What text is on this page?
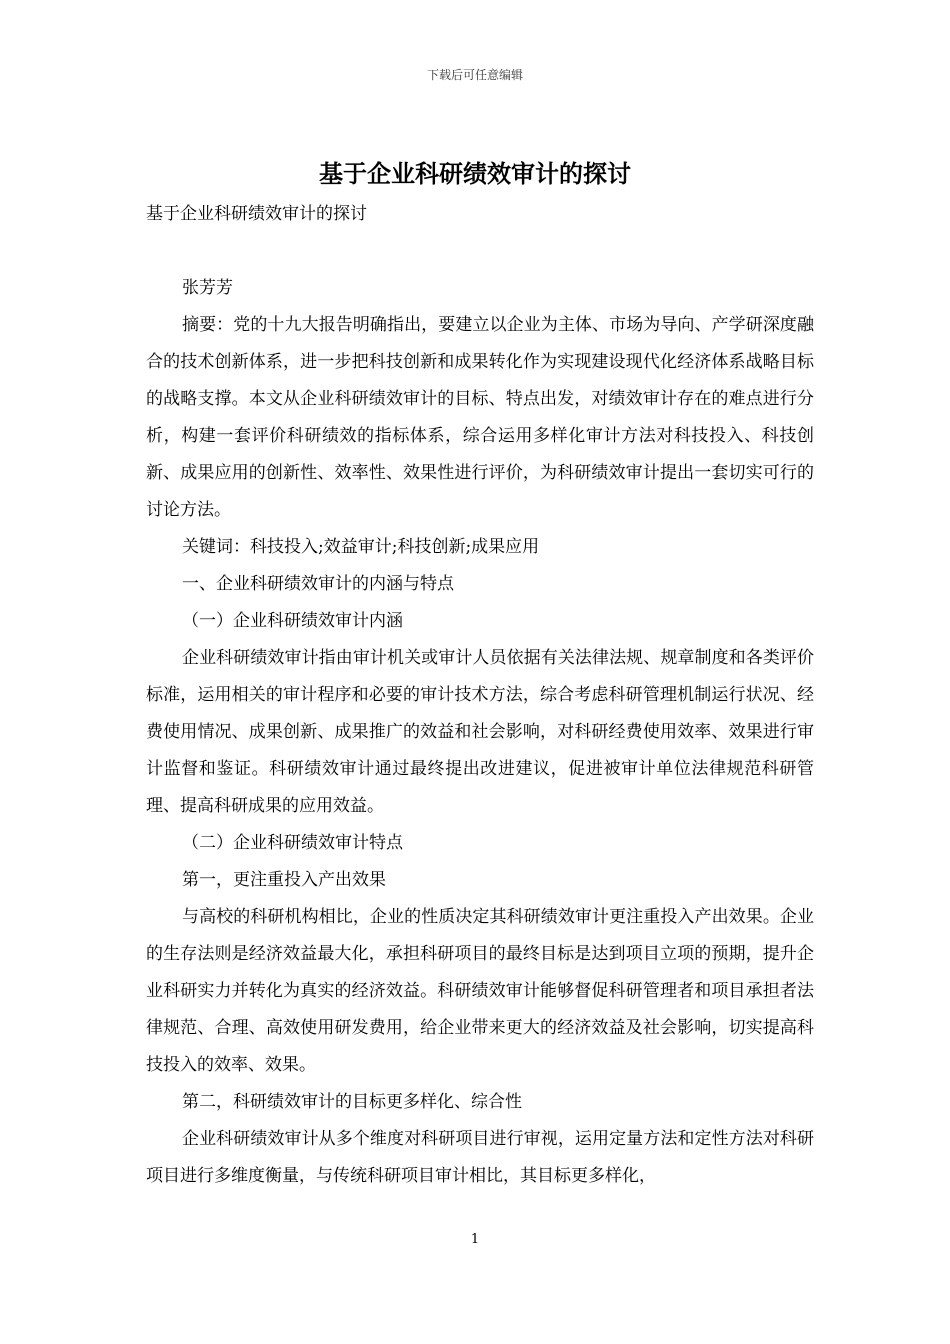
下载后可任意编辑
基于企业科研绩效审计的探讨

基于企业科研绩效审计的探讨

张芳芳

摘要：党的十九大报告明确指出，要建立以企业为主体、市场为导向、产学研深度融合的技术创新体系，进一步把科技创新和成果转化作为实现建设现代化经济体系战略目标的战略支撑。本文从企业科研绩效审计的目标、特点出发，对绩效审计存在的难点进行分析，构建一套评价科研绩效的指标体系，综合运用多样化审计方法对科技投入、科技创新、成果应用的创新性、效率性、效果性进行评价，为科研绩效审计提出一套切实可行的讨论方法。

关键词：科技投入;效益审计;科技创新;成果应用

一、企业科研绩效审计的内涵与特点

（一）企业科研绩效审计内涵

企业科研绩效审计指由审计机关或审计人员依据有关法律法规、规章制度和各类评价标准，运用相关的审计程序和必要的审计技术方法，综合考虑科研管理机制运行状况、经费使用情况、成果创新、成果推广的效益和社会影响，对科研经费使用效率、效果进行审计监督和鉴证。科研绩效审计通过最终提出改进建议，促进被审计单位法律规范科研管理、提高科研成果的应用效益。

（二）企业科研绩效审计特点

第一，更注重投入产出效果

与高校的科研机构相比，企业的性质决定其科研绩效审计更注重投入产出效果。企业的生存法则是经济效益最大化，承担科研项目的最终目标是达到项目立项的预期，提升企业科研实力并转化为真实的经济效益。科研绩效审计能够督促科研管理者和项目承担者法律规范、合理、高效使用研发费用，给企业带来更大的经济效益及社会影响，切实提高科技投入的效率、效果。

第二，科研绩效审计的目标更多样化、综合性

企业科研绩效审计从多个维度对科研项目进行审视，运用定量方法和定性方法对科研项目进行多维度衡量，与传统科研项目审计相比，其目标更多样化，

1
